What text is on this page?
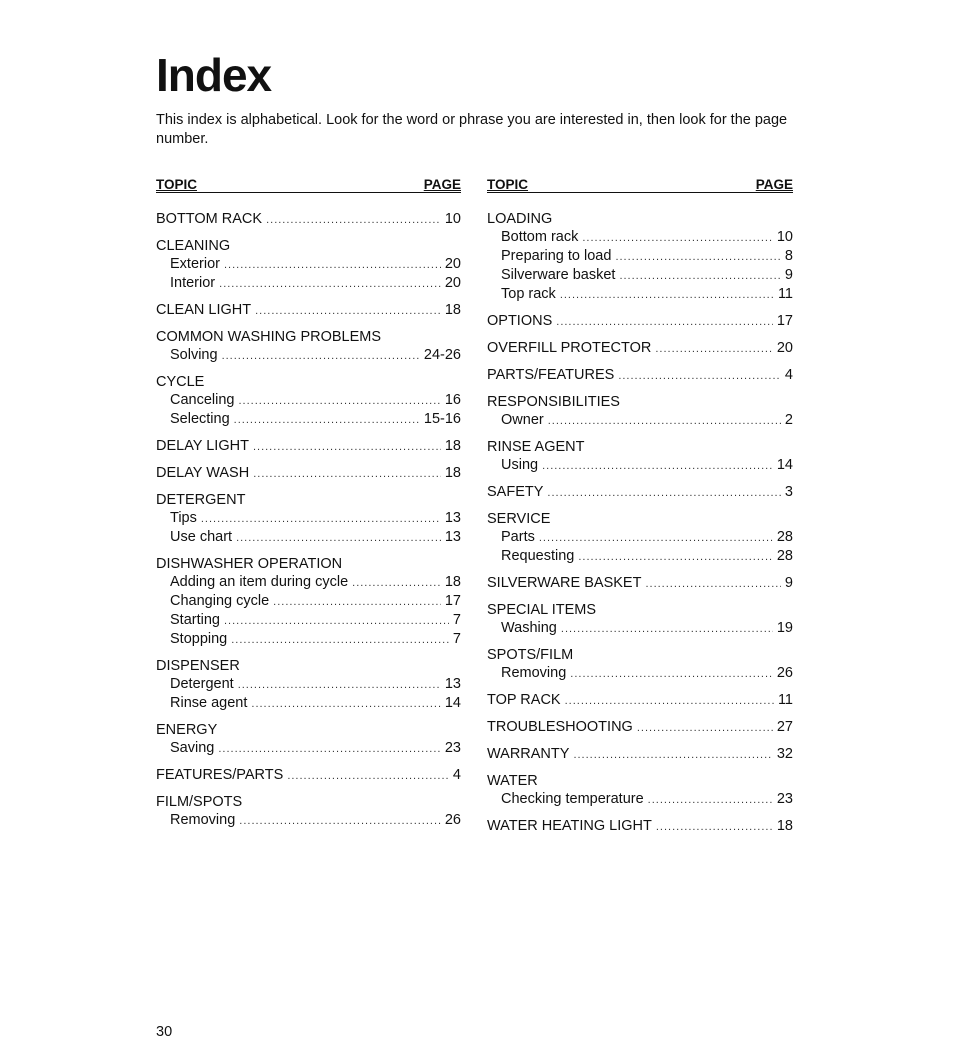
Index
This index is alphabetical. Look for the word or phrase you are interested in, then look for the page number.
TOPIC	PAGE
BOTTOM RACK .....	10
CLEANING
Exterior .....	20
Interior .....	20
CLEAN LIGHT .....	18
COMMON WASHING PROBLEMS
Solving .....	24-26
CYCLE
Canceling .....	16
Selecting .....	15-16
DELAY LIGHT .....	18
DELAY WASH .....	18
DETERGENT
Tips .....	13
Use chart .....	13
DISHWASHER OPERATION
Adding an item during cycle .....	18
Changing cycle .....	17
Starting .....	7
Stopping .....	7
DISPENSER
Detergent .....	13
Rinse agent .....	14
ENERGY
Saving .....	23
FEATURES/PARTS .....	4
FILM/SPOTS
Removing .....	26
TOPIC	PAGE
LOADING
Bottom rack .....	10
Preparing to load .....	8
Silverware basket .....	9
Top rack .....	11
OPTIONS .....	17
OVERFILL PROTECTOR .....	20
PARTS/FEATURES .....	4
RESPONSIBILITIES
Owner .....	2
RINSE AGENT
Using .....	14
SAFETY .....	3
SERVICE
Parts .....	28
Requesting .....	28
SILVERWARE BASKET .....	9
SPECIAL ITEMS
Washing .....	19
SPOTS/FILM
Removing .....	26
TOP RACK .....	11
TROUBLESHOOTING .....	27
WARRANTY .....	32
WATER
Checking temperature .....	23
WATER HEATING LIGHT .....	18
30
